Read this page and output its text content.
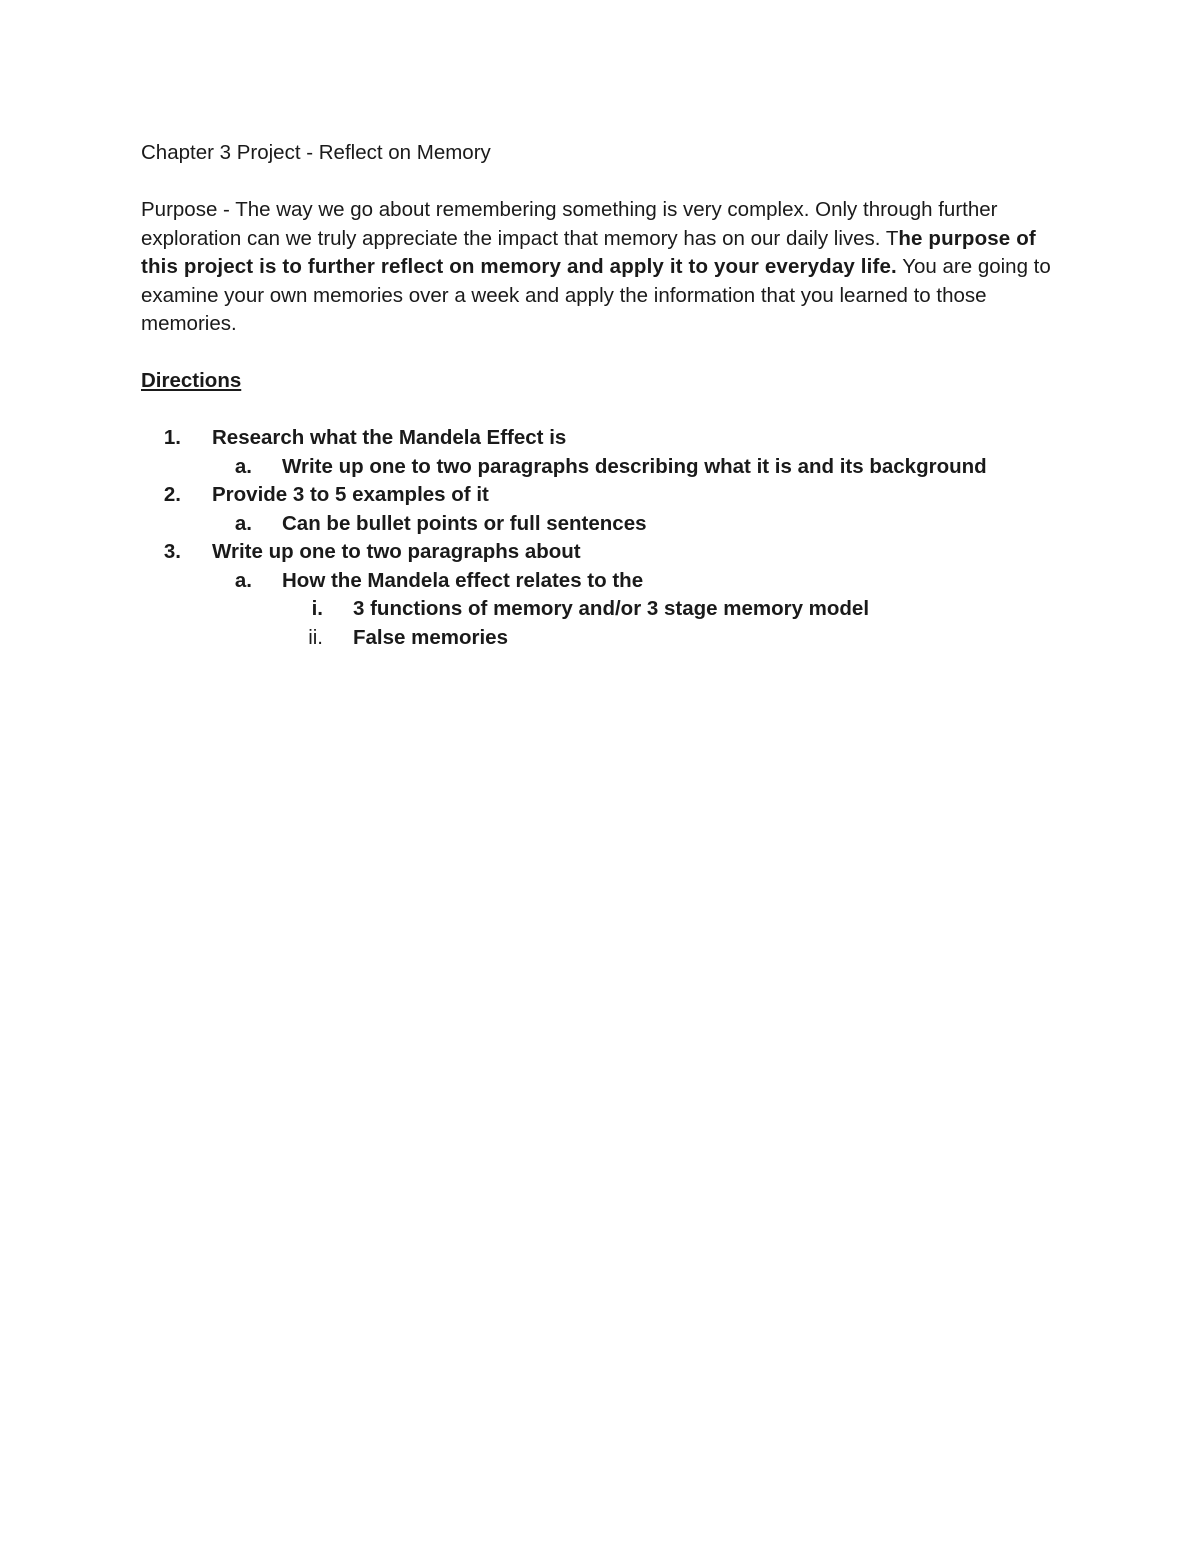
Chapter 3 Project - Reflect on Memory
Purpose - The way we go about remembering something is very complex. Only through further exploration can we truly appreciate the impact that memory has on our daily lives. The purpose of this project is to further reflect on memory and apply it to your everyday life. You are going to examine your own memories over a week and apply the information that you learned to those memories.
Directions
1. Research what the Mandela Effect is
a. Write up one to two paragraphs describing what it is and its background
2. Provide 3 to 5 examples of it
a. Can be bullet points or full sentences
3. Write up one to two paragraphs about
a. How the Mandela effect relates to the
i. 3 functions of memory and/or 3 stage memory model
ii. False memories
